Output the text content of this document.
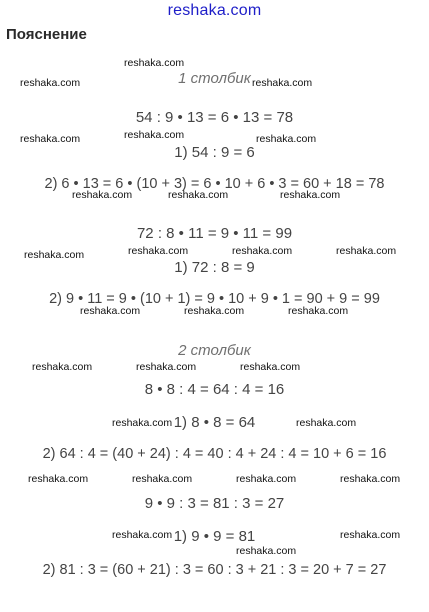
reshaka.com
Пояснение
1 столбик
54 : 9 • 13 = 6 • 13 = 78
1) 54 : 9 = 6
2) 6 • 13 = 6 • (10 + 3) = 6 • 10 + 6 • 3 = 60 + 18 = 78
72 : 8 • 11 = 9 • 11 = 99
1) 72 : 8 = 9
2) 9 • 11 = 9 • (10 + 1) = 9 • 10 + 9 • 1 = 90 + 9 = 99
2 столбик
8 • 8 : 4 = 64 : 4 = 16
1) 8 • 8 = 64
2) 64 : 4 = (40 + 24) : 4 = 40 : 4 + 24 : 4 = 10 + 6 = 16
9 • 9 : 3 = 81 : 3 = 27
1) 9 • 9 = 81
2) 81 : 3 = (60 + 21) : 3 = 60 : 3 + 21 : 3 = 20 + 7 = 27
reshaka.com
reshaka.com	reshaka.com
reshaka.com
reshaka.com	reshaka.com
reshaka.com	reshaka.com	reshaka.com
reshaka.com	reshaka.com
reshaka.com	reshaka.com
reshaka.com	reshaka.com	reshaka.com
reshaka.com	reshaka.com	reshaka.com
reshaka.com	reshaka.com
reshaka.com	reshaka.com	reshaka.com	reshaka.com
reshaka.com	reshaka.com
reshaka.com
